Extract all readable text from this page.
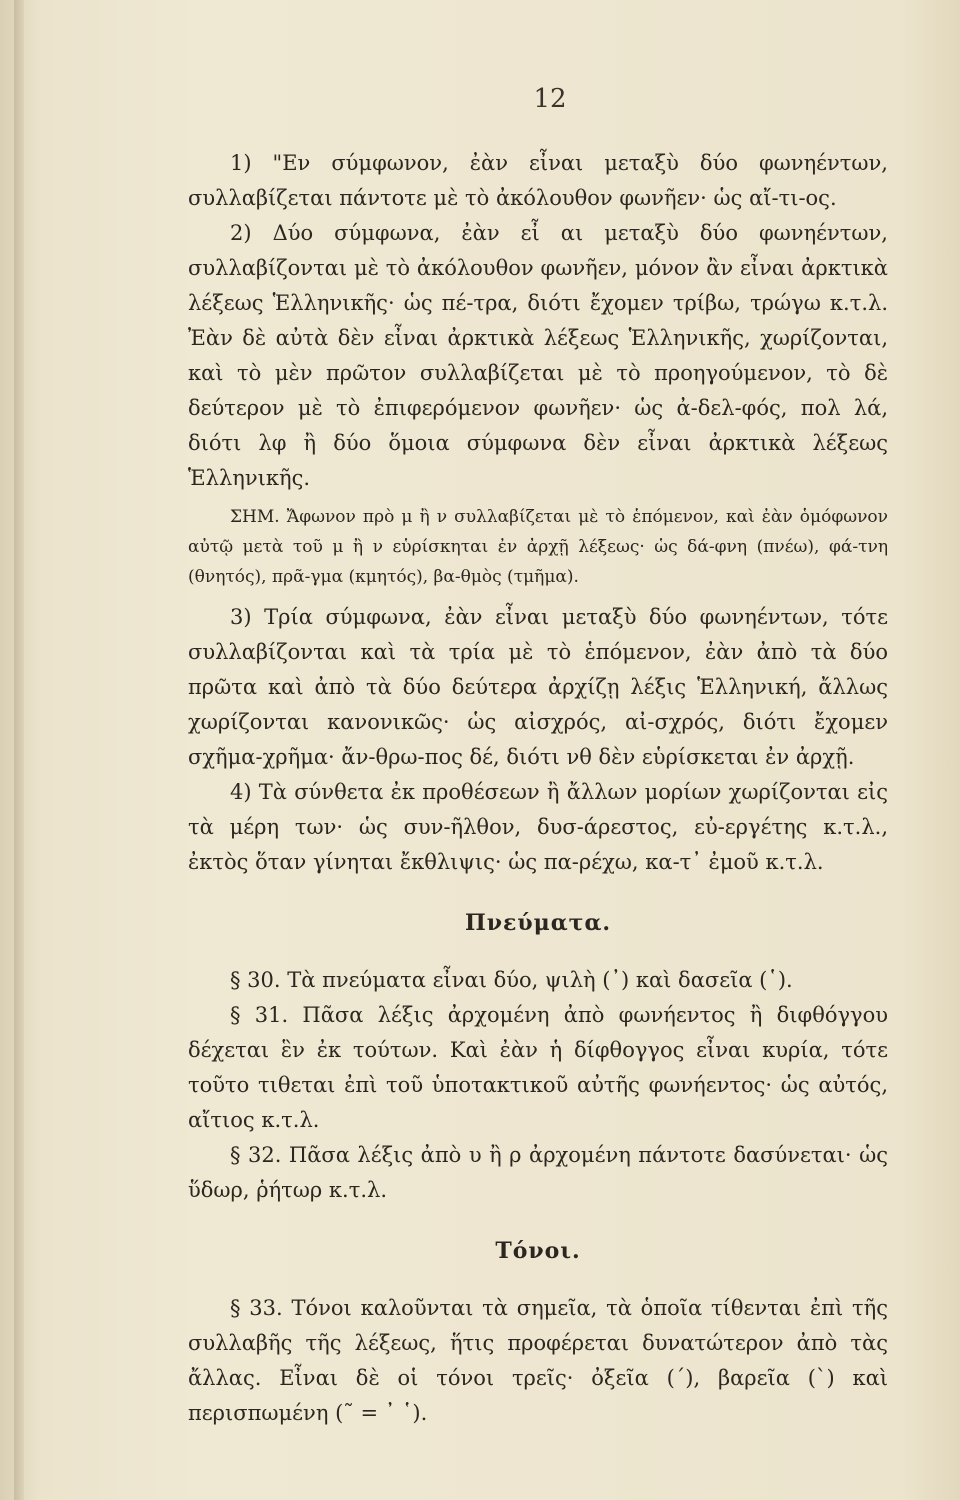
12

1) "Εν σύμφωνον, ἐὰν εἶναι μεταξὺ δύο φωνηέντων, συλλαβίζεται πάντοτε μὲ τὸ ἀκόλουθον φωνῆεν· ὡς αἴ-τι-ος.

2) Δύο σύμφωνα, ἐὰν εἶ αι μεταξὺ δύο φωνηέντων, συλλαβίζονται μὲ τὸ ἀκόλουθον φωνῆεν, μόνον ἂν εἶναι ἀρκτικὰ λέξεως Ἑλληνικῆς· ὡς πέ-τρα, διότι ἔχομεν τρίβω, τρώγω κ.τ.λ. Ἐὰν δὲ αὐτὰ δὲν εἶναι ἀρκτικὰ λέξεως Ἑλληνικῆς, χωρίζονται, καὶ τὸ μὲν πρῶτον συλλαβίζεται μὲ τὸ προηγούμενον, τὸ δὲ δεύτερον μὲ τὸ ἐπιφερόμενον φωνῆεν· ὡς ἀ-δελ-φός, πολ λά, διότι λφ ἢ δύο ὅμοια σύμφωνα δὲν εἶναι ἀρκτικὰ λέξεως Ἑλληνικῆς.

ΣΗΜ. Ἄφωνον πρὸ μ ἢ ν συλλαβίζεται μὲ τὸ ἑπόμενον, καὶ ἐὰν ὁμόφωνον αὐτῷ μετὰ τοῦ μ ἢ ν εὑρίσκηται ἐν ἀρχῇ λέξεως· ὡς δά-φνη (πνέω), φά-τνη (θνητός), πρᾶ-γμα (κμητός), βα-θμὸς (τμῆμα).

3) Τρία σύμφωνα, ἐὰν εἶναι μεταξὺ δύο φωνηέντων, τότε συλλαβίζονται καὶ τὰ τρία μὲ τὸ ἑπόμενον, ἐὰν ἀπὸ τὰ δύο πρῶτα καὶ ἀπὸ τὰ δύο δεύτερα ἀρχίζῃ λέξις Ἑλληνική, ἄλλως χωρίζονται κανονικῶς· ὡς αἰσχρός, αἰ-σχρός, διότι ἔχομεν σχῆμα-χρῆμα· ἄν-θρω-πος δέ, διότι νθ δὲν εὑρίσκεται ἐν ἀρχῇ.

4) Τὰ σύνθετα ἐκ προθέσεων ἢ ἄλλων μορίων χωρίζονται εἰς τὰ μέρη των· ὡς συν-ῆλθον, δυσ-άρεστος, εὐ-εργέτης κ.τ.λ., ἐκτὸς ὅταν γίνηται ἔκθλιψις· ὡς πα-ρέχω, κα-τ᾽ ἐμοῦ κ.τ.λ.

Πνεύματα.

§ 30. Τὰ πνεύματα εἶναι δύο, ψιλὴ (᾿) καὶ δασεῖα (῾).

§ 31. Πᾶσα λέξις ἀρχομένη ἀπὸ φωνήεντος ἢ διφθόγγου δέχεται ἓν ἐκ τούτων. Καὶ ἐὰν ἡ δίφθογγος εἶναι κυρία, τότε τοῦτο τιθεται ἐπὶ τοῦ ὑποτακτικοῦ αὐτῆς φωνήεντος· ὡς αὐτός, αἴτιος κ.τ.λ.

§ 32. Πᾶσα λέξις ἀπὸ υ ἢ ρ ἀρχομένη πάντοτε δασύνεται· ὡς ὕδωρ, ῥήτωρ κ.τ.λ.

Τόνοι.

§ 33. Τόνοι καλοῦνται τὰ σημεῖα, τὰ ὁποῖα τίθενται ἐπὶ τῆς συλλαβῆς τῆς λέξεως, ἥτις προφέρεται δυνατώτερον ἀπὸ τὰς ἄλλας. Εἶναι δὲ οἱ τόνοι τρεῖς· ὀξεῖα (´), βαρεῖα (`) καὶ περισπωμένη (῀ = ᾿ ῾).
